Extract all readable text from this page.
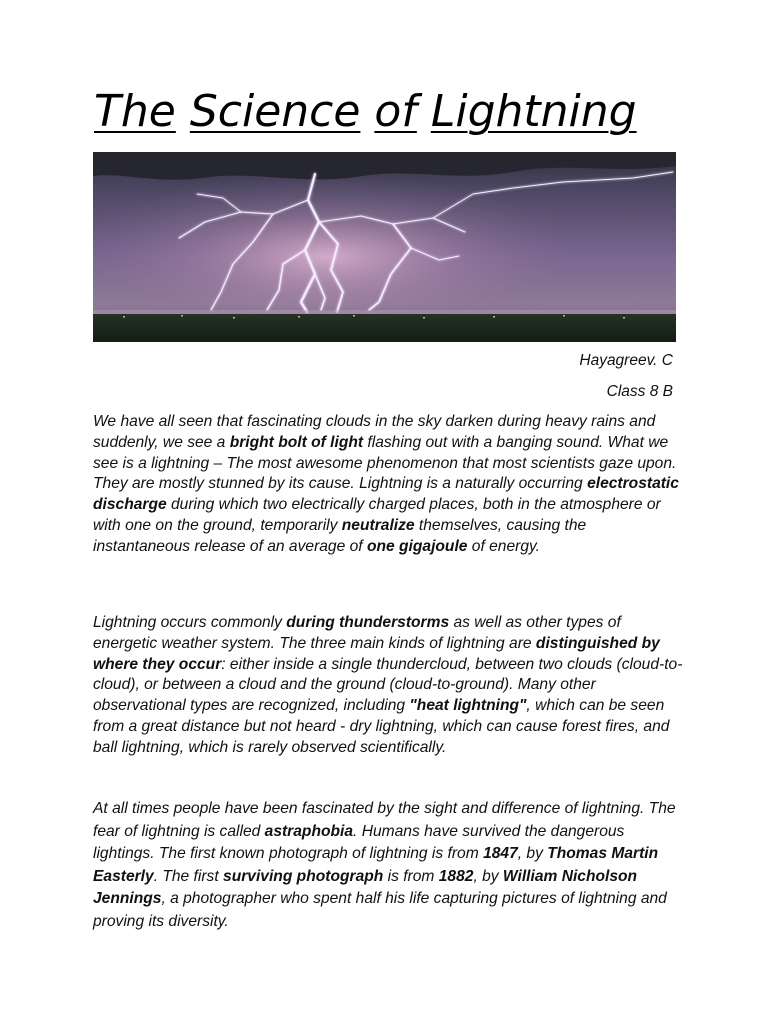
The Science of Lightning
Hayagreev. C
Class 8 B

We have all seen that fascinating clouds in the sky darken during heavy rains and suddenly, we see a bright bolt of light flashing out with a banging sound. What we see is a lightning – The most awesome phenomenon that most scientists gaze upon. They are mostly stunned by its cause. Lightning is a naturally occurring electrostatic discharge during which two electrically charged places, both in the atmosphere or with one on the ground, temporarily neutralize themselves, causing the instantaneous release of an average of one gigajoule of energy.

Lightning occurs commonly during thunderstorms as well as other types of energetic weather system. The three main kinds of lightning are distinguished by where they occur: either inside a single thundercloud, between two clouds (cloud-to-cloud), or between a cloud and the ground (cloud-to-ground). Many other observational types are recognized, including "heat lightning", which can be seen from a great distance but not heard - dry lightning, which can cause forest fires, and ball lightning, which is rarely observed scientifically.

At all times people have been fascinated by the sight and difference of lightning. The fear of lightning is called astraphobia. Humans have survived the dangerous lightings. The first known photograph of lightning is from 1847, by Thomas Martin Easterly. The first surviving photograph is from 1882, by William Nicholson Jennings, a photographer who spent half his life capturing pictures of lightning and proving its diversity.
